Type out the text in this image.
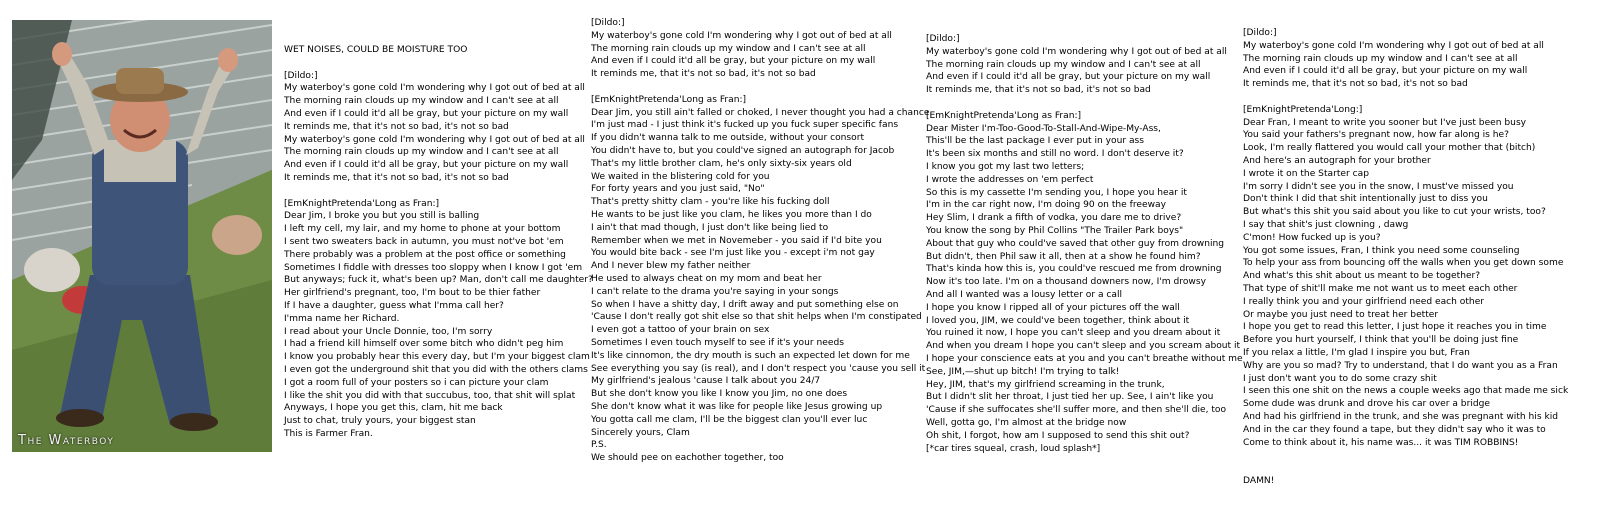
The Waterboy
WET NOISES, COULD BE MOISTURE TOO
[Dildo:]
My waterboy's gone cold I'm wondering why I got out of bed at all
The morning rain clouds up my window and I can't see at all
And even if I could it'd all be gray, but your picture on my wall
It reminds me, that it's not so bad, it's not so bad
My waterboy's gone cold I'm wondering why I got out of bed at all
The morning rain clouds up my window and I can't see at all
And even if I could it'd all be gray, but your picture on my wall
It reminds me, that it's not so bad, it's not so bad
[EmKnightPretenda'Long as Fran:]
Dear Jim, I broke you but you still is balling
I left my cell, my lair, and my home to phone at your bottom
I sent two sweaters back in autumn, you must not've bot 'em
There probably was a problem at the post office or something
Sometimes I fiddle with dresses too sloppy when I know I got 'em
But anyways; fuck it, what's been up? Man, don't call me daughter?
Her girlfriend's pregnant, too, I'm bout to be thier father
If I have a daughter, guess what I'mma call her?
I'mma name her Richard.
I read about your Uncle Donnie, too, I'm sorry
I had a friend kill himself over some bitch who didn't peg him
I know you probably hear this every day, but I'm your biggest clam
I even got the underground shit that you did with the others clams
I got a room full of your posters so i can picture your clam
I like the shit you did with that succubus, too, that shit will splat
Anyways, I hope you get this, clam, hit me back
Just to chat, truly yours, your biggest stan
This is Farmer Fran.
[Dildo:]
My waterboy's gone cold I'm wondering why I got out of bed at all
The morning rain clouds up my window and I can't see at all
And even if I could it'd all be gray, but your picture on my wall
It reminds me, that it's not so bad, it's not so bad
[EmKnightPretenda'Long as Fran:]
Dear Jim, you still ain't falled or choked, I never thought you had a chance
I'm just mad - I just think it's fucked up you fuck super specific fans
If you didn't wanna talk to me outside, without your consort
You didn't have to, but you could've signed an autograph for Jacob
That's my little brother clam, he's only sixty-six years old
We waited in the blistering cold for you
For forty years and you just said, "No"
That's pretty shitty clam - you're like his fucking doll
He wants to be just like you clam, he likes you more than I do
I ain't that mad though, I just don't like being lied to
Remember when we met in Novemeber - you said if I'd bite you
You would bite back - see I'm just like you - except i'm not gay
And I never blew my father neither
He used to always cheat on my mom and beat her
I can't relate to the drama you're saying in your songs
So when I have a shitty day, I drift away and put something else on
'Cause I don't really got shit else so that shit helps when I'm constipated
I even got a tattoo of your brain on sex
Sometimes I even touch myself to see if it's your needs
It's like cinnomon, the dry mouth is such an expected let down for me
See everything you say (is real), and I don't respect you 'cause you sell it
My girlfriend's jealous 'cause I talk about you 24/7
But she don't know you like I know you Jim, no one does
She don't know what it was like for people like Jesus growing up
You gotta call me clam, I'll be the biggest clan you'll ever luc
Sincerely yours, Clam
P.S.
We should pee on eachother together, too
[Dildo:]
My waterboy's gone cold I'm wondering why I got out of bed at all
The morning rain clouds up my window and I can't see at all
And even if I could it'd all be gray, but your picture on my wall
It reminds me, that it's not so bad, it's not so bad
[EmKnightPretenda'Long as Fran:]
Dear Mister I'm-Too-Good-To-Stall-And-Wipe-My-Ass,
This'll be the last package I ever put in your ass
It's been six months and still no word. I don't deserve it?
I know you got my last two letters;
I wrote the addresses on 'em perfect
So this is my cassette I'm sending you, I hope you hear it
I'm in the car right now, I'm doing 90 on the freeway
Hey Slim, I drank a fifth of vodka, you dare me to drive?
You know the song by Phil Collins "The Trailer Park boys"
About that guy who could've saved that other guy from drowning
But didn't, then Phil saw it all, then at a show he found him?
That's kinda how this is, you could've rescued me from drowning
Now it's too late. I'm on a thousand downers now, I'm drowsy
And all I wanted was a lousy letter or a call
I hope you know I ripped all of your pictures off the wall
I loved you, JIM, we could've been together, think about it
You ruined it now, I hope you can't sleep and you dream about it
And when you dream I hope you can't sleep and you scream about it
I hope your conscience eats at you and you can't breathe without me
See, JIM,—shut up bitch! I'm trying to talk!
Hey, JIM, that's my girlfriend screaming in the trunk,
But I didn't slit her throat, I just tied her up. See, I ain't like you
'Cause if she suffocates she'll suffer more, and then she'll die, too
Well, gotta go, I'm almost at the bridge now
Oh shit, I forgot, how am I supposed to send this shit out?
[*car tires squeal, crash, loud splash*]
[Dildo:]
My waterboy's gone cold I'm wondering why I got out of bed at all
The morning rain clouds up my window and I can't see at all
And even if I could it'd all be gray, but your picture on my wall
It reminds me, that it's not so bad, it's not so bad
[EmKnightPretenda'Long:]
Dear Fran, I meant to write you sooner but I've just been busy
You said your fathers's pregnant now, how far along is he?
Look, I'm really flattered you would call your mother that (bitch)
And here's an autograph for your brother
I wrote it on the Starter cap
I'm sorry I didn't see you in the snow, I must've missed you
Don't think I did that shit intentionally just to diss you
But what's this shit you said about you like to cut your wrists, too?
I say that shit's just clowning , dawg
C'mon! How fucked up is you?
You got some issues, Fran, I think you need some counseling
To help your ass from bouncing off the walls when you get down some
And what's this shit about us meant to be together?
That type of shit'll make me not want us to meet each other
I really think you and your girlfriend need each other
Or maybe you just need to treat her better
I hope you get to read this letter, I just hope it reaches you in time
Before you hurt yourself, I think that you'll be doing just fine
If you relax a little, I'm glad I inspire you but, Fran
Why are you so mad? Try to understand, that I do want you as a Fran
I just don't want you to do some crazy shit
I seen this one shit on the news a couple weeks ago that made me sick
Some dude was drunk and drove his car over a bridge
And had his girlfriend in the trunk, and she was pregnant with his kid
And in the car they found a tape, but they didn't say who it was to
Come to think about it, his name was... it was TIM ROBBINS!
DAMN!
